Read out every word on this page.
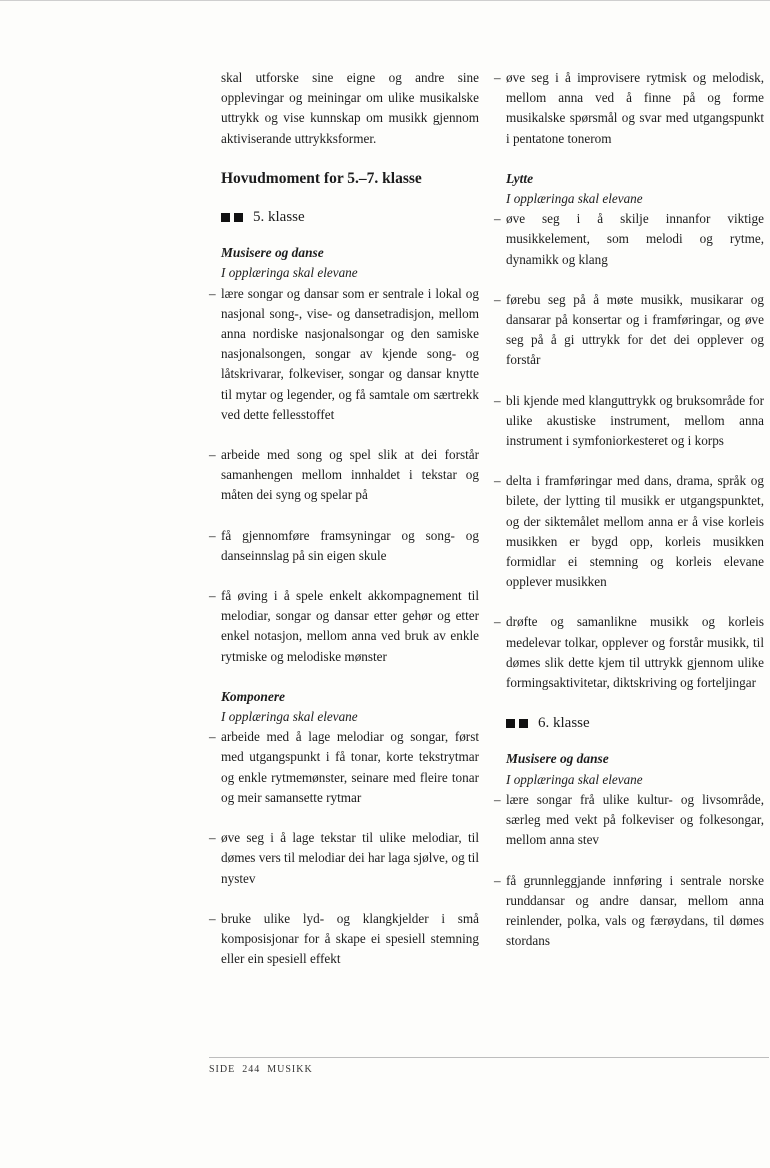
skal utforske sine eigne og andre sine opplevingar og meiningar om ulike musikalske uttrykk og vise kunnskap om musikk gjennom aktiviserande uttrykksformer.

Hovudmoment for 5.–7. klasse
5. klasse
Musisere og danse
I opplæringa skal elevane

– lære songar og dansar som er sentrale i lokal og nasjonal song-, vise- og dansetradisjon, mellom anna nordiske nasjonalsongar og den samiske nasjonalsongen, songar av kjende song- og låtskrivarar, folkeviser, songar og dansar knytte til mytar og legender, og få samtale om særtrekk ved dette fellesstoffet

– arbeide med song og spel slik at dei forstår samanhengen mellom innhaldet i tekstar og måten dei syng og spelar på

– få gjennomføre framsyningar og song- og danseinnslag på sin eigen skule

– få øving i å spele enkelt akkompagnement til melodiar, songar og dansar etter gehør og etter enkel notasjon, mellom anna ved bruk av enkle rytmiske og melodiske mønster

Komponere
I opplæringa skal elevane

– arbeide med å lage melodiar og songar, først med utgangspunkt i få tonar, korte tekstrytmar og enkle rytmemønster, seinare med fleire tonar og meir samansette rytmar

– øve seg i å lage tekstar til ulike melodiar, til dømes vers til melodiar dei har laga sjølve, og til nystev

– bruke ulike lyd- og klangkjelder i små komposisjonar for å skape ei spesiell stemning eller ein spesiell effekt

– øve seg i å improvisere rytmisk og melodisk, mellom anna ved å finne på og forme musikalske spørsmål og svar med utgangspunkt i pentatone tonerom

Lytte
I opplæringa skal elevane

– øve seg i å skilje innanfor viktige musikkelement, som melodi og rytme, dynamikk og klang

– førebu seg på å møte musikk, musikarar og dansarar på konsertar og i framføringar, og øve seg på å gi uttrykk for det dei opplever og forstår

– bli kjende med klanguttrykk og bruksområde for ulike akustiske instrument, mellom anna instrument i symfoniorkesteret og i korps

– delta i framføringar med dans, drama, språk og bilete, der lytting til musikk er utgangspunktet, og der siktemålet mellom anna er å vise korleis musikken er bygd opp, korleis musikken formidlar ei stemning og korleis elevane opplever musikken

– drøfte og samanlikne musikk og korleis medelevar tolkar, opplever og forstår musikk, til dømes slik dette kjem til uttrykk gjennom ulike formingsaktivitetar, diktskriving og forteljingar

6. klasse
Musisere og danse
I opplæringa skal elevane

– lære songar frå ulike kultur- og livsområde, særleg med vekt på folkeviser og folkesongar, mellom anna stev

– få grunnleggjande innføring i sentrale norske runddansar og andre dansar, mellom anna reinlender, polka, vals og færøydans, til dømes stordans

SIDE 244 MUSIKK
